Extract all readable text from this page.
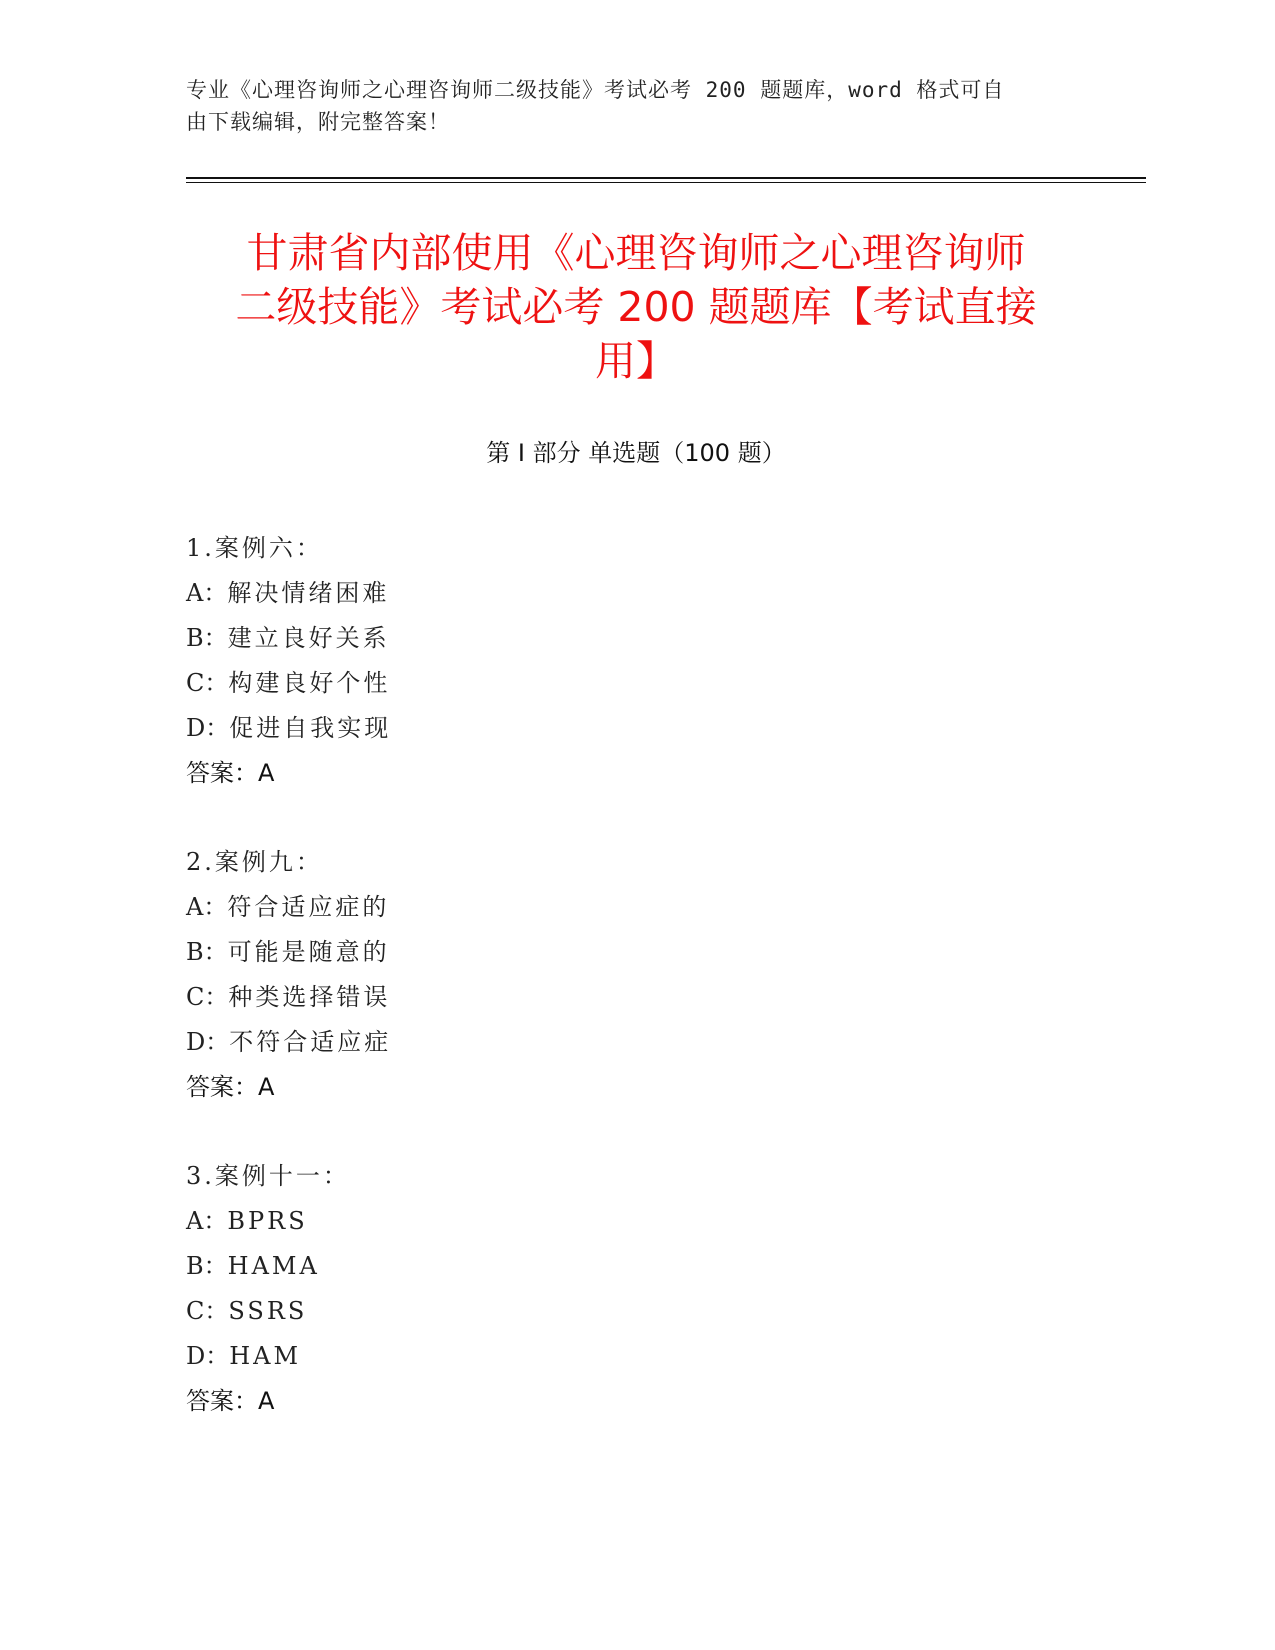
专业《心理咨询师之心理咨询师二级技能》考试必考 200 题题库，word 格式可自
由下载编辑，附完整答案！
甘肃省内部使用《心理咨询师之心理咨询师
二级技能》考试必考 200 题题库【考试直接
用】
第 I 部分 单选题（100 题）
1.案例六：
A：解决情绪困难
B：建立良好关系
C：构建良好个性
D：促进自我实现
答案：A
2.案例九：
A：符合适应症的
B：可能是随意的
C：种类选择错误
D：不符合适应症
答案：A
3.案例十一：
A：BPRS
B：HAMA
C：SSRS
D：HAM
答案：A
